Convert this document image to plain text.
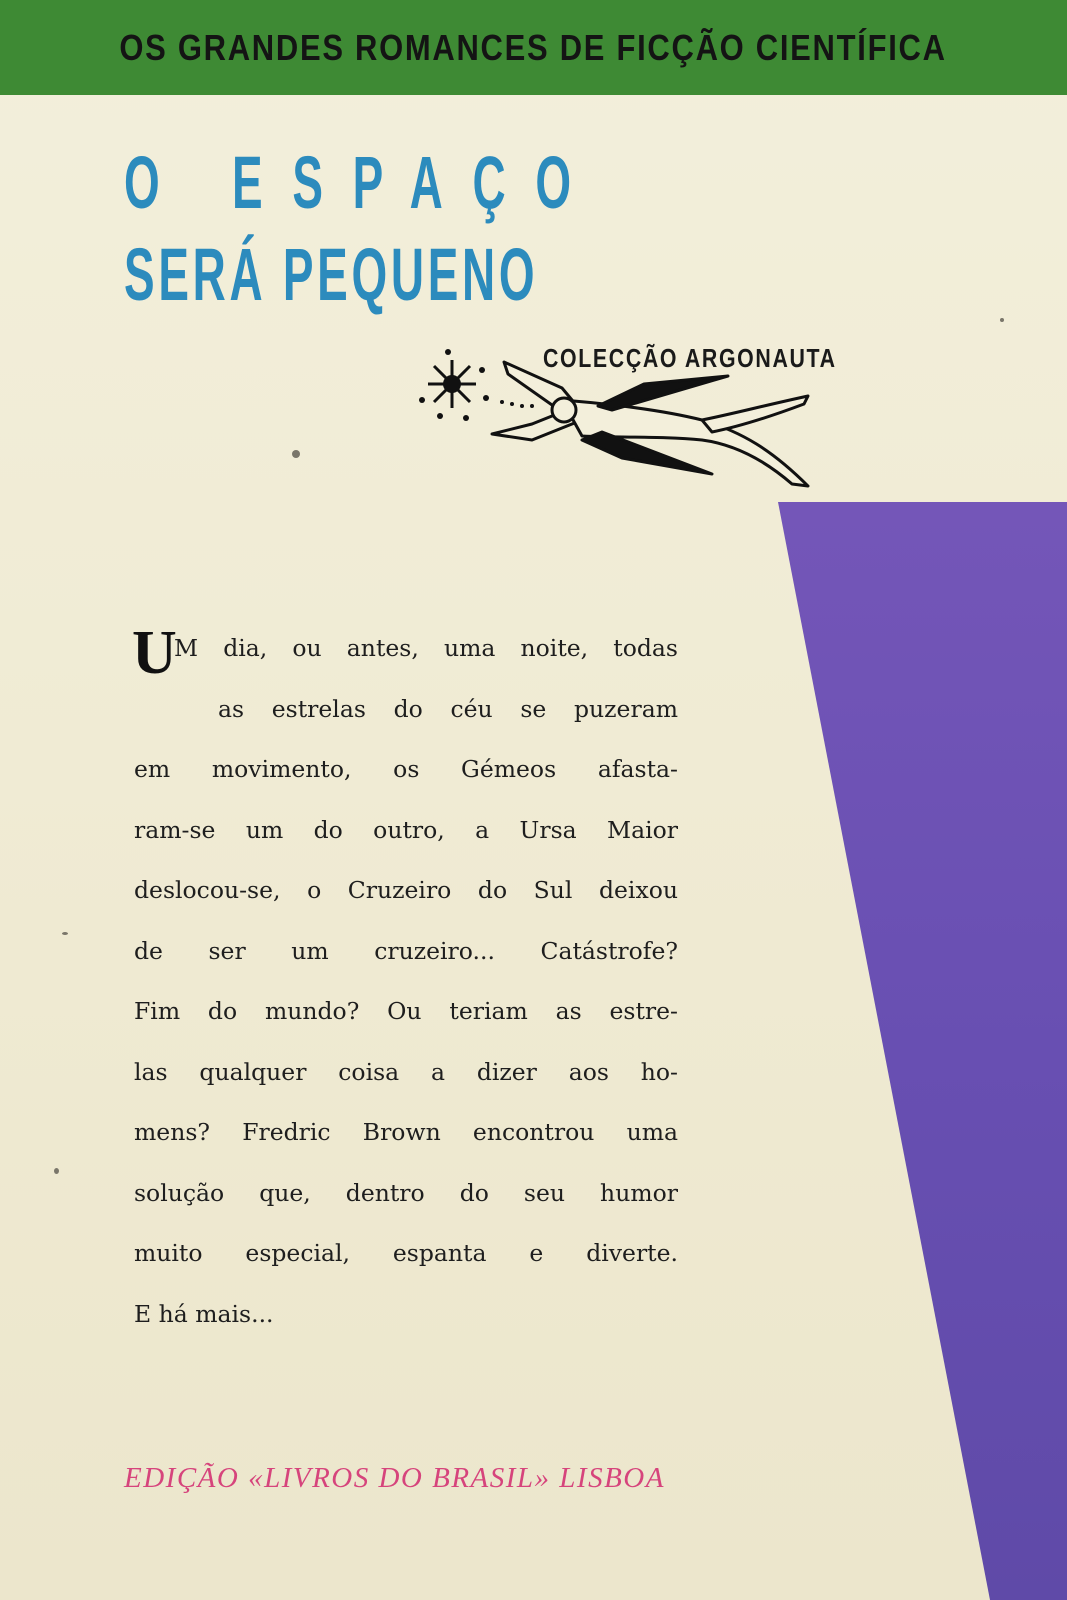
OS GRANDES ROMANCES DE FICÇÃO CIENTÍFICA
O ESPAÇO
SERÁ PEQUENO
COLECÇÃO ARGONAUTA
U
M dia, ou antes, uma noite, todas
as estrelas do céu se puzeram
em movimento, os Gémeos afasta-
ram-se um do outro, a Ursa Maior
deslocou-se, o Cruzeiro do Sul deixou
de ser um cruzeiro... Catástrofe?
Fim do mundo? Ou teriam as estre-
las qualquer coisa a dizer aos ho-
mens? Fredric Brown encontrou uma
solução que, dentro do seu humor
muito especial, espanta e diverte.
E há mais...
EDIÇÃO «LIVROS DO BRASIL» LISBOA
